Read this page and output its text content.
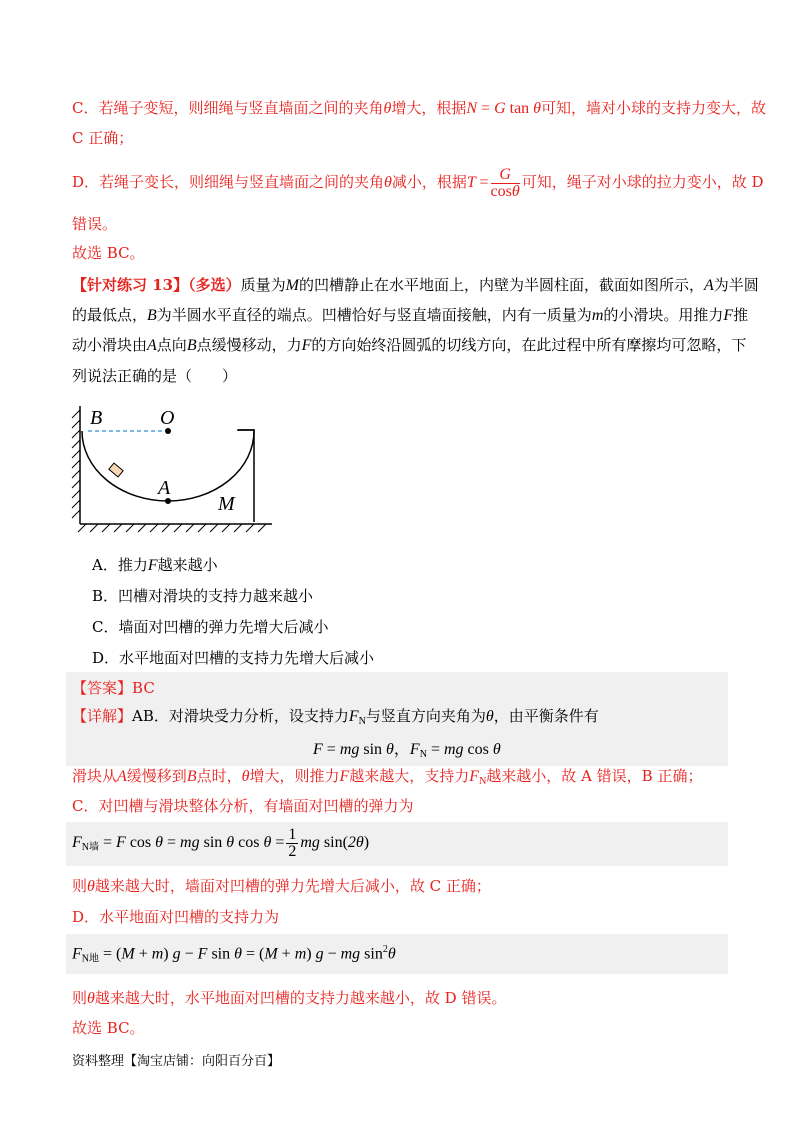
C．若绳子变短，则细绳与竖直墙面之间的夹角θ增大，根据N = G tan θ可知，墙对小球的支持力变大，故
C 正确；
D．若绳子变长，则细绳与竖直墙面之间的夹角θ减小，根据$T = \frac{G}{\cos\theta}$ 可知，绳子对小球的拉力变小，故 D
错误。
故选 BC。
【针对练习 13】（多选）质量为M的凹槽静止在水平地面上，内壁为半圆柱面，截面如图所示，A为半圆
的最低点，B为半圆水平直径的端点。凹槽恰好与竖直墙面接触，内有一质量为m的小滑块。用推力F推
动小滑块由A点向B点缓慢移动，力F的方向始终沿圆弧的切线方向，在此过程中所有摩擦均可忽略，下
列说法正确的是（　　）
B	O
A
M
A．推力F越来越小
B．凹槽对滑块的支持力越来越小
C．墙面对凹槽的弹力先增大后减小
D．水平地面对凹槽的支持力先增大后减小
【答案】BC
【详解】AB．对滑块受力分析，设支持力$F_N$与竖直方向夹角为θ，由平衡条件有
F = mg sin θ，$F_N$ = mg cos θ
滑块从A缓慢移到B点时，θ增大，则推力F越来越大，支持力$F_N$越来越小，故 A 错误，B 正确；
C．对凹槽与滑块整体分析，有墙面对凹槽的弹力为
$F_{N墙} = F$ cos θ = mg sin θ $\cos \theta = \frac{1}{2}$ mg sin(2θ)
则θ越来越大时，墙面对凹槽的弹力先增大后减小，故 C 正确；
D．水平地面对凹槽的支持力为
$F_{N地} = (M + m) g - F$ sin θ = (M + m) g − mg $\sin^2\theta$
则θ越来越大时，水平地面对凹槽的支持力越来越小，故 D 错误。
故选 BC。
资料整理【淘宝店铺：向阳百分百】
